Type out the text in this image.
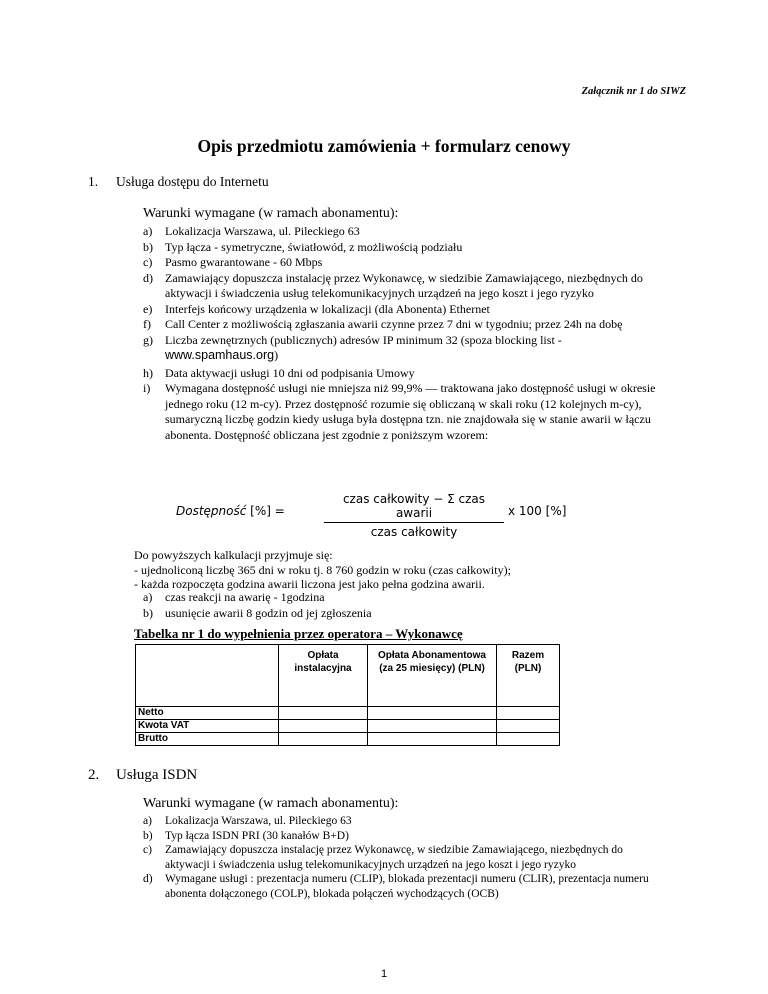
Załącznik nr 1 do SIWZ
Opis przedmiotu zamówienia + formularz cenowy
1. Usługa dostępu do Internetu
Warunki wymagane (w ramach abonamentu):
a) Lokalizacja Warszawa, ul. Pileckiego 63
b) Typ łącza - symetryczne, światłowód, z możliwością podziału
c) Pasmo gwarantowane - 60 Mbps
d) Zamawiający dopuszcza instalację przez Wykonawcę, w siedzibie Zamawiającego, niezbędnych do aktywacji i świadczenia usług telekomunikacyjnych urządzeń na jego koszt i jego ryzyko
e) Interfejs końcowy urządzenia w lokalizacji (dla Abonenta) Ethernet
f) Call Center z możliwością zgłaszania awarii czynne przez 7 dni w tygodniu; przez 24h na dobę
g) Liczba zewnętrznych (publicznych) adresów IP minimum 32 (spoza blocking list -
www.spamhaus.org)
h) Data aktywacji usługi 10 dni od podpisania Umowy
i) Wymagana dostępność usługi nie mniejsza niż 99,9% — traktowana jako dostępność usługi w okresie jednego roku (12 m-cy). Przez dostępność rozumie się obliczaną w skali roku (12 kolejnych m-cy), sumaryczną liczbę godzin kiedy usługa była dostępna tzn. nie znajdowała się w stanie awarii w łączu abonenta. Dostępność obliczana jest zgodnie z poniższym wzorem:
Dostępność [%] =
czas całkowity − Σ czas awarii
czas całkowity
x 100 [%]
Do powyższych kalkulacji przyjmuje się:
- ujednoliconą liczbę 365 dni w roku tj. 8 760 godzin w roku (czas całkowity);
- każda rozpoczęta godzina awarii liczona jest jako pełna godzina awarii.
a) czas reakcji na awarię - 1godzina
b) usunięcie awarii 8 godzin od jej zgłoszenia
Tabelka nr 1 do wypełnienia przez operatora – Wykonawcę
	Opłata instalacyjna	Opłata Abonamentowa (za 25 miesięcy) (PLN)	Razem (PLN)
Netto			
Kwota VAT			
Brutto			
2. Usługa ISDN
Warunki wymagane (w ramach abonamentu):
a) Lokalizacja Warszawa, ul. Pileckiego 63
b) Typ łącza ISDN PRI (30 kanałów B+D)
c) Zamawiający dopuszcza instalację przez Wykonawcę, w siedzibie Zamawiającego, niezbędnych do aktywacji i świadczenia usług telekomunikacyjnych urządzeń na jego koszt i jego ryzyko
d) Wymagane usługi : prezentacja numeru (CLIP), blokada prezentacji numeru (CLIR), prezentacja numeru abonenta dołączonego (COLP), blokada połączeń wychodzących (OCB)
1
